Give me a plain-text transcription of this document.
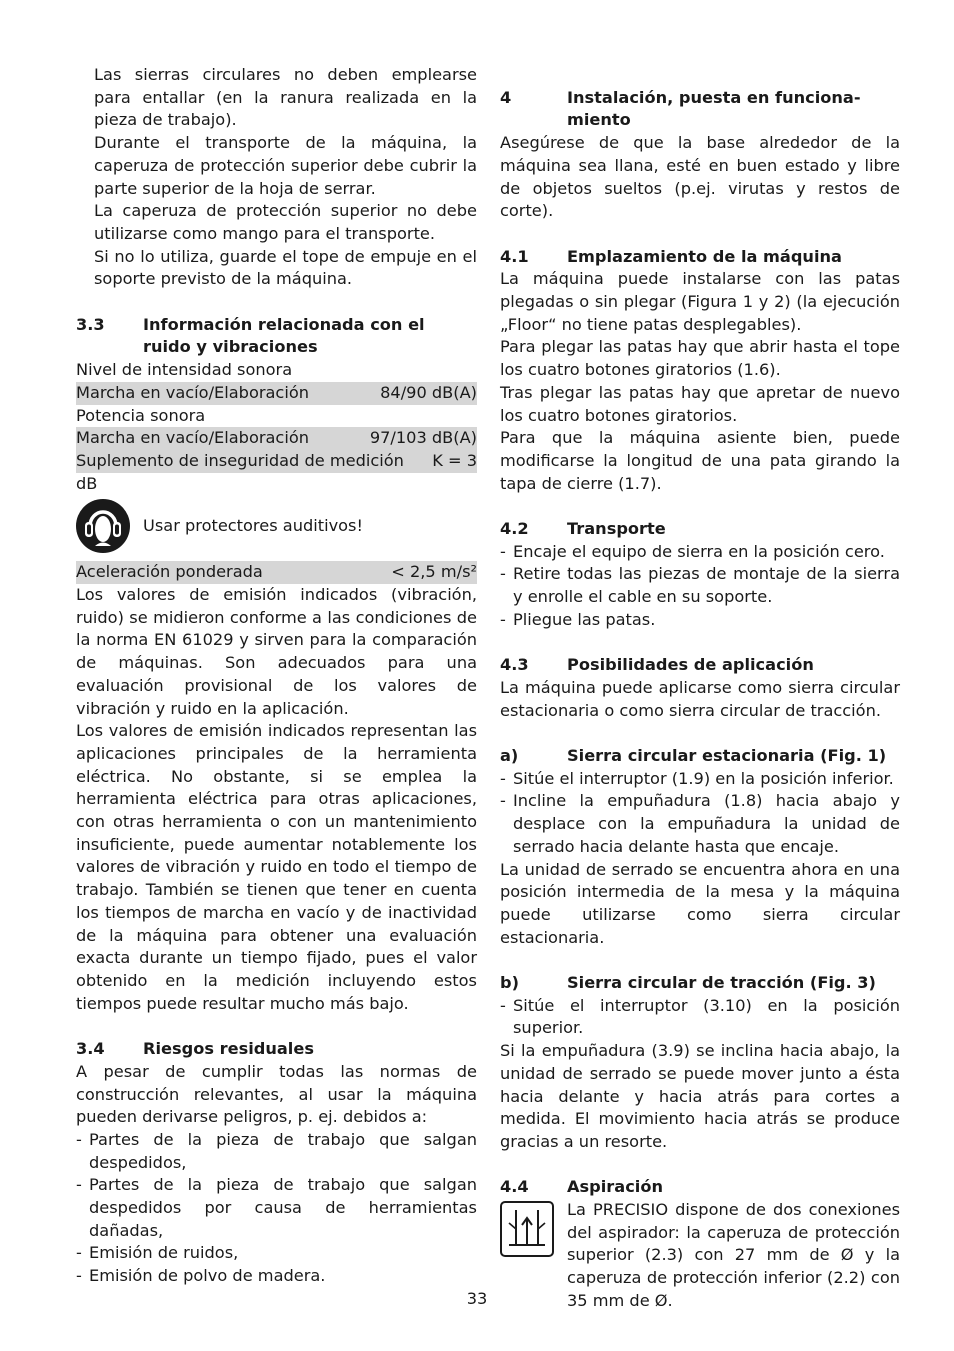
Las sierras circulares no deben emplearse para entallar (en la ranura realizada en la pieza de trabajo).

Durante el transporte de la máquina, la caperuza de protección superior debe cubrir la parte superior de la hoja de serrar.

La caperuza de protección superior no debe utilizarse como mango para el transporte.

Si no lo utiliza, guarde el tope de empuje en el soporte previsto de la máquina.

3.3	Información relacionada con el ruido y vibraciones

Nivel de intensidad sonora

Marcha en vacío/Elaboración	84/90 dB(A)

Potencia sonora

Marcha en vacío/Elaboración	97/103 dB(A)
Suplemento de inseguridad de medición K = 3

dB

Usar protectores auditivos!
Aceleración ponderada	< 2,5 m/s²

Los valores de emisión indicados (vibración, ruido) se midieron conforme a las condiciones de la norma EN 61029 y sirven para la comparación de máquinas. Son adecuados para una evaluación provisional de los valores de vibración y ruido en la aplicación.

Los valores de emisión indicados representan las aplicaciones principales de la herramienta eléctrica. No obstante, si se emplea la herramienta eléctrica para otras aplicaciones, con otras herramienta o con un mantenimiento insuficiente, puede aumentar notablemente los valores de vibración y ruido en todo el tiempo de trabajo. También se tienen que tener en cuenta los tiempos de marcha en vacío y de inactividad de la máquina para obtener una evaluación exacta durante un tiempo fijado, pues el valor obtenido en la medición incluyendo estos tiempos puede resultar mucho más bajo.

3.4	Riesgos residuales

A pesar de cumplir todas las normas de construcción relevantes, al usar la máquina pueden derivarse peligros, p. ej. debidos a:

- Partes de la pieza de trabajo que salgan despedidos,
- Partes de la pieza de trabajo que salgan despedidos por causa de herramientas dañadas,
- Emisión de ruidos,
- Emisión de polvo de madera.
4	Instalación, puesta en funciona-miento

Asegúrese de que la base alrededor de la máquina sea llana, esté en buen estado y libre de objetos sueltos (p.ej. virutas y restos de corte).

4.1	Emplazamiento de la máquina

La máquina puede instalarse con las patas plegadas o sin plegar (Figura 1 y 2) (la ejecución „Floor“ no tiene patas desplegables).

Para plegar las patas hay que abrir hasta el tope los cuatro botones giratorios (1.6).

Tras plegar las patas hay que apretar de nuevo los cuatro botones giratorios.

Para que la máquina asiente bien, puede modificarse la longitud de una pata girando la tapa de cierre (1.7).

4.2	Transporte
- Encaje el equipo de sierra en la posición cero.
- Retire todas las piezas de montaje de la sierra y enrolle el cable en su soporte.
- Pliegue las patas.
4.3	Posibilidades de aplicación

La máquina puede aplicarse como sierra circular estacionaria o como sierra circular de tracción.

a)	Sierra circular estacionaria (Fig. 1)
- Sitúe el interruptor (1.9) en la posición inferior.
- Incline la empuñadura (1.8) hacia abajo y desplace con la empuñadura la unidad de serrado hacia delante hasta que encaje.

La unidad de serrado se encuentra ahora en una posición intermedia de la mesa y la máquina puede utilizarse como sierra circular estacionaria.

b)	Sierra circular de tracción (Fig. 3)
- Sitúe el interruptor (3.10) en la posición superior.

Si la empuñadura (3.9) se inclina hacia abajo, la unidad de serrado se puede mover junto a ésta hacia delante y hacia atrás para cortes a medida. El movimiento hacia atrás se produce gracias a un resorte.

4.4	Aspiración
La PRECISIO dispone de dos conexiones del aspirador: la caperuza de protección superior (2.3) con 27 mm de Ø y la caperuza de protección inferior (2.2) con 35 mm de Ø.
33
